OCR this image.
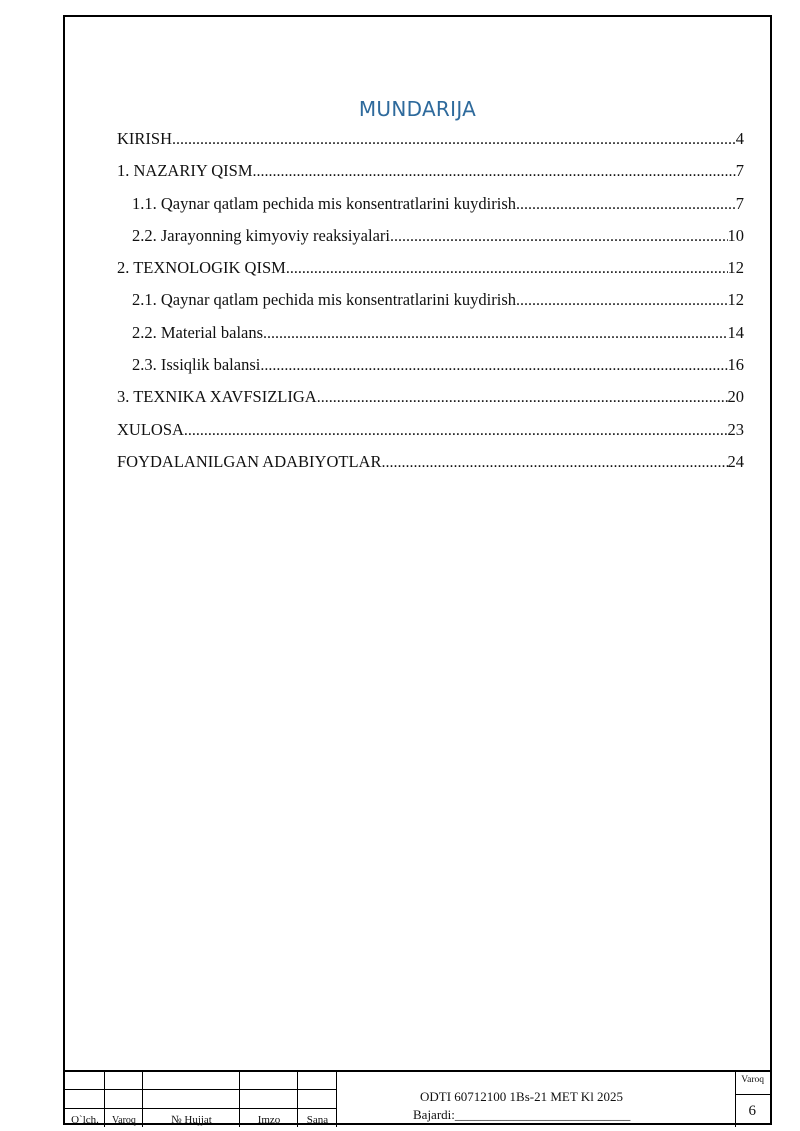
MUNDARIJA
KIRISH .....	4
1. NAZARIY QISM .....	7
1.1. Qaynar qatlam pechida mis konsentratlarini kuydirish .....	7
2.2. Jarayonning kimyoviy reaksiyalari .....	10
2. TEXNOLOGIK QISM .....	12
2.1. Qaynar qatlam pechida mis konsentratlarini kuydirish .....	12
2.2. Material balans .....	14
2.3. Issiqlik balansi .....	16
3. TEXNIKA XAVFSIZLIGA .....	20
XULOSA .....	23
FOYDALANILGAN ADABIYOTLAR .....	24
O`lch.	Varoq	№ Hujjat	Imzo	Sana
ODTI 60712100 1Bs-21 MET Kl 2025
Bajardi:___________________________
Varoq
6
